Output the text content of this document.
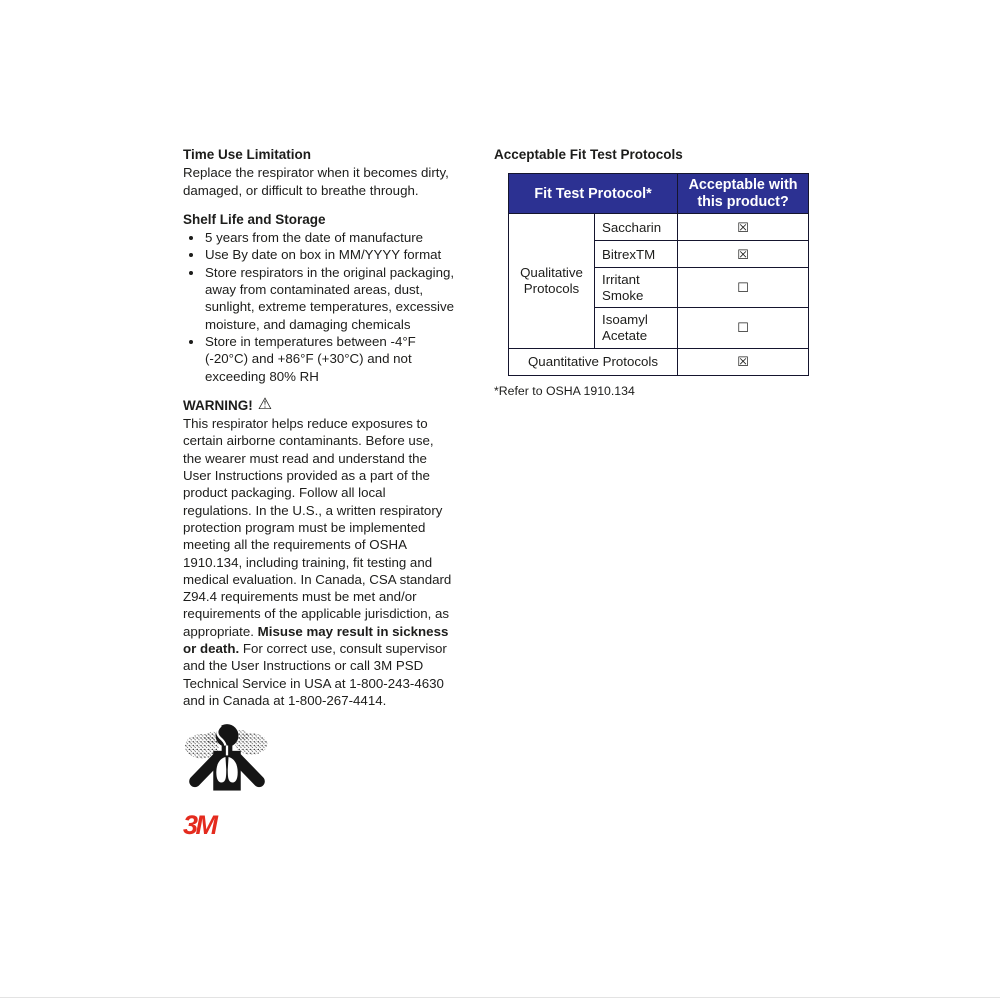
Time Use Limitation

Replace the respirator when it becomes dirty, damaged, or difficult to breathe through.

Shelf Life and Storage
• 5 years from the date of manufacture
• Use By date on box in MM/YYYY format
• Store respirators in the original packaging, away from contaminated areas, dust, sunlight, extreme temperatures, excessive moisture, and damaging chemicals
• Store in temperatures between -4°F (-20°C) and +86°F (+30°C) and not exceeding 80% RH
WARNING! ⚠

This respirator helps reduce exposures to certain airborne contaminants. Before use, the wearer must read and understand the User Instructions provided as a part of the product packaging. Follow all local regulations. In the U.S., a written respiratory protection program must be implemented meeting all the requirements of OSHA 1910.134, including training, fit testing and medical evaluation. In Canada, CSA standard Z94.4 requirements must be met and/or requirements of the applicable jurisdiction, as appropriate. Misuse may result in sickness or death. For correct use, consult supervisor and the User Instructions or call 3M PSD Technical Service in USA at 1-800-243-4630 and in Canada at 1-800-267-4414.

3M
Acceptable Fit Test Protocols
Fit Test Protocol*		Acceptable with this product?
Qualitative Protocols	Saccharin	☒
	BitrexTM	☒
	Irritant Smoke	☐
	Isoamyl Acetate	☐
Quantitative Protocols		☒

*Refer to OSHA 1910.134
